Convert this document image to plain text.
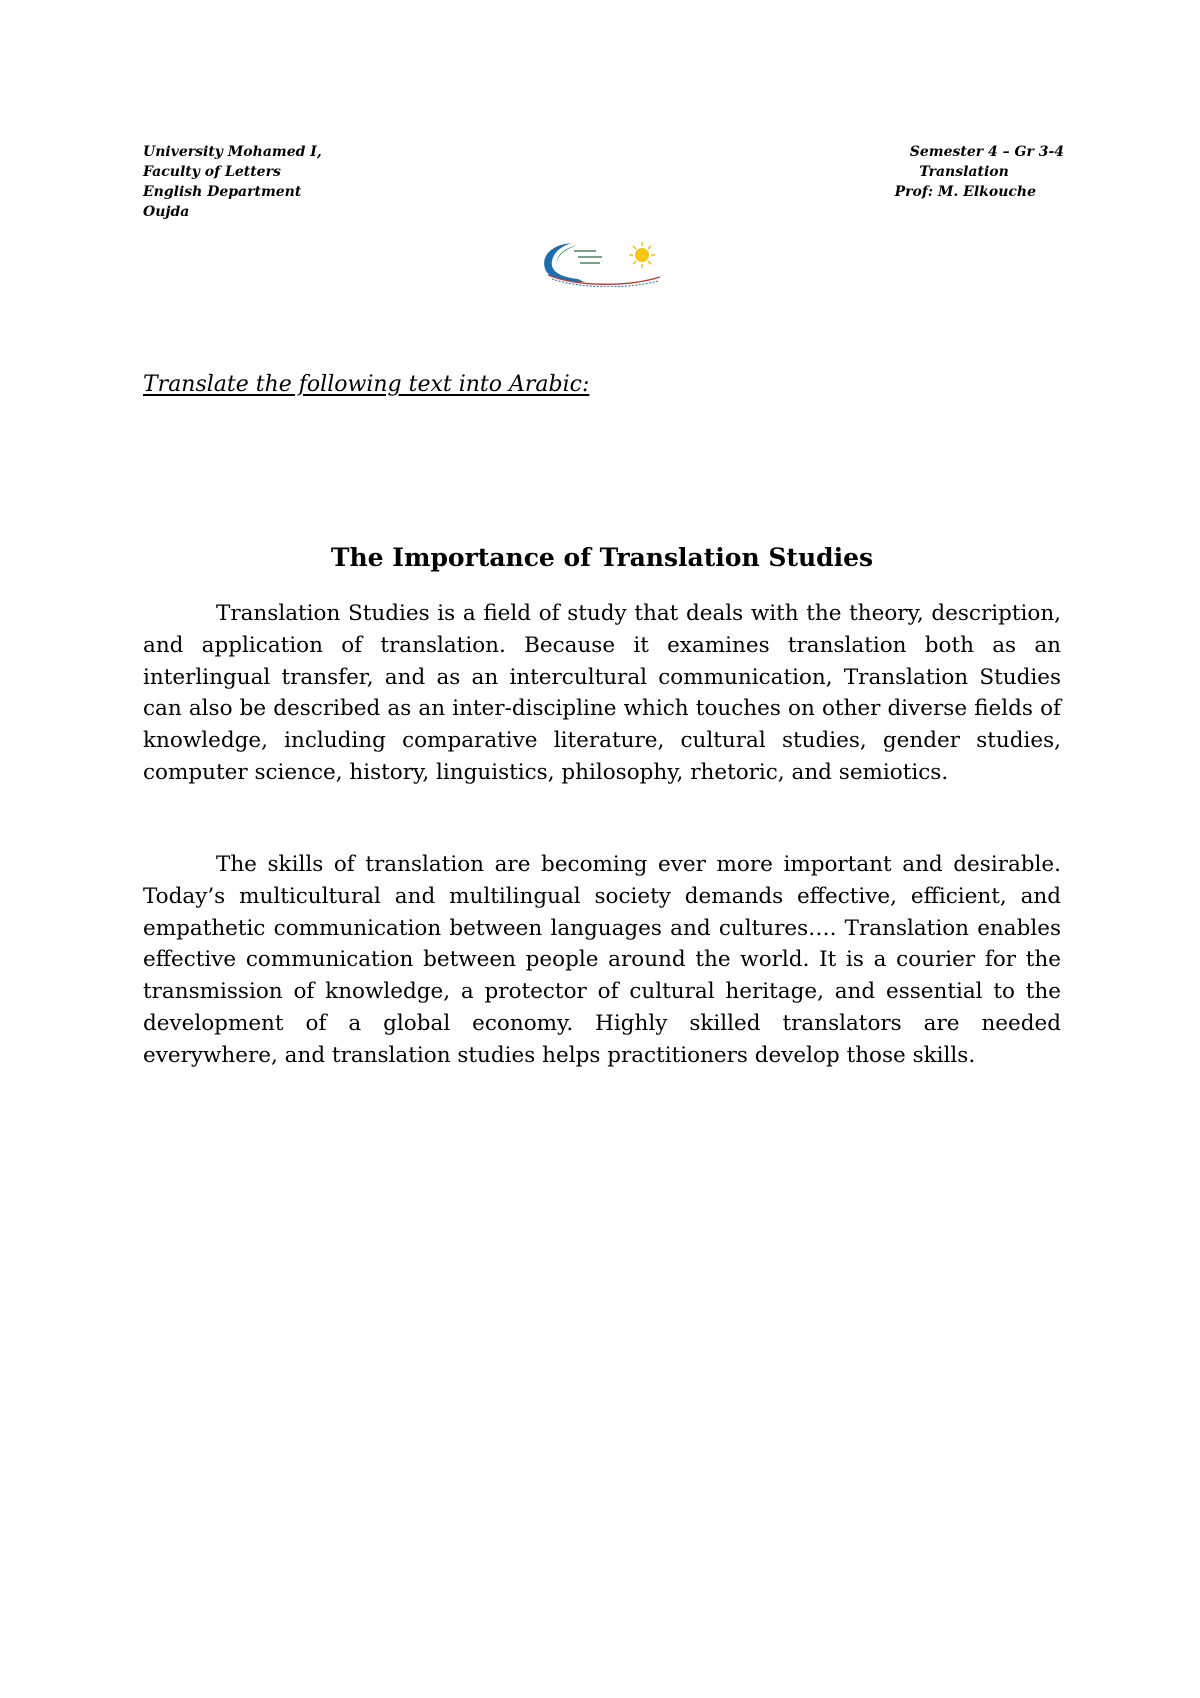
University Mohamed I,
Faculty of Letters
English Department
Oujda
Semester 4 – Gr 3-4
Translation
Prof: M. Elkouche
Translate the following text into Arabic:
The Importance of Translation Studies

Translation Studies is a field of study that deals with the theory, description, and application of translation. Because it examines translation both as an interlingual transfer, and as an intercultural communication, Translation Studies can also be described as an inter-discipline which touches on other diverse fields of knowledge, including comparative literature, cultural studies, gender studies, computer science, history, linguistics, philosophy, rhetoric, and semiotics.

The skills of translation are becoming ever more important and desirable. Today’s multicultural and multilingual society demands effective, efficient, and empathetic communication between languages and cultures…. Translation enables effective communication between people around the world. It is a courier for the transmission of knowledge, a protector of cultural heritage, and essential to the development of a global economy. Highly skilled translators are needed everywhere, and translation studies helps practitioners develop those skills.
